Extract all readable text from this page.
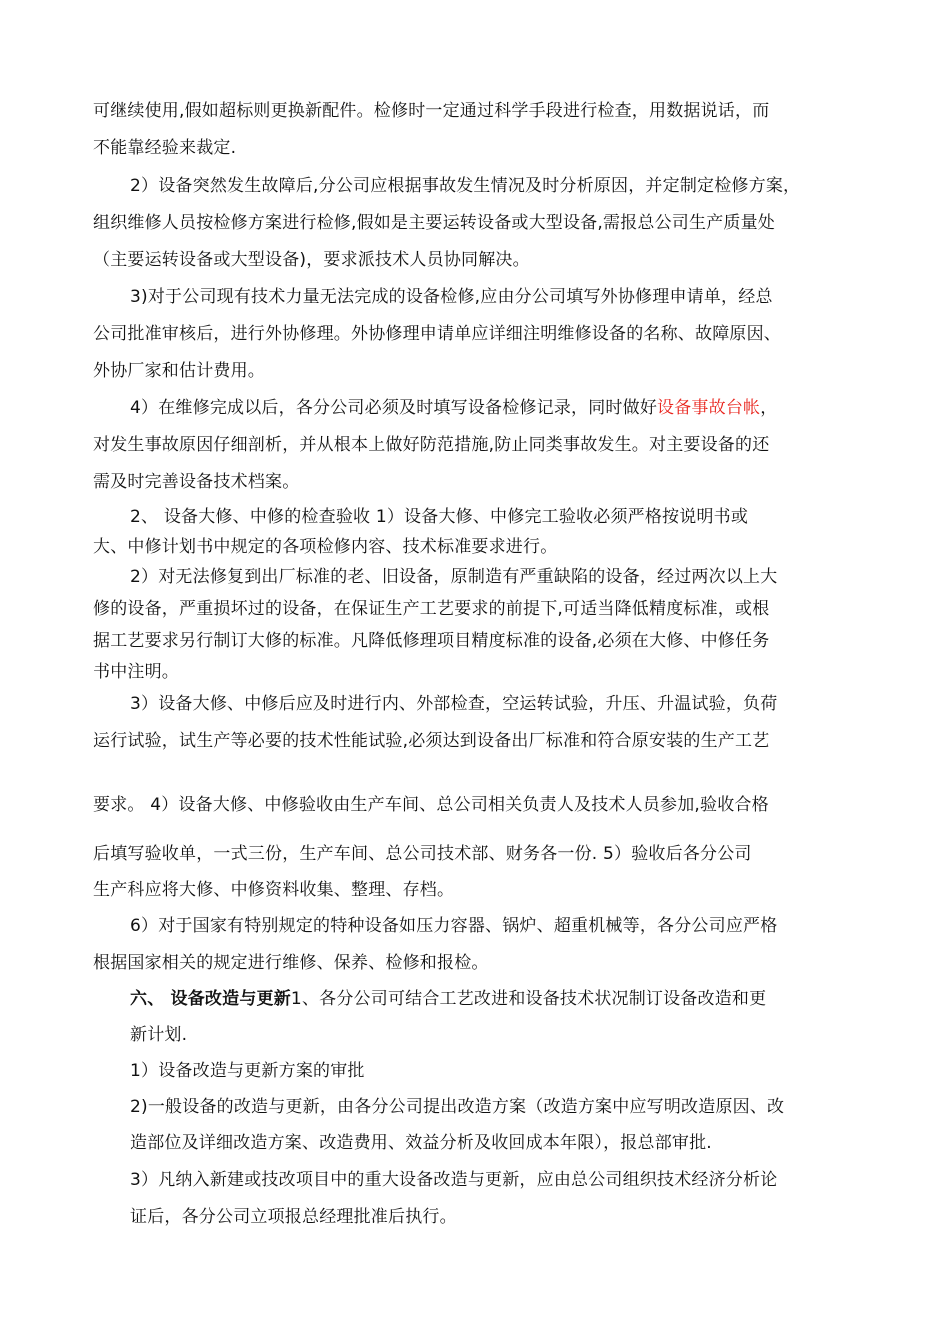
可继续使用,假如超标则更换新配件。检修时一定通过科学手段进行检查，用数据说话，而
不能靠经验来裁定.
2）设备突然发生故障后,分公司应根据事故发生情况及时分析原因，并定制定检修方案，
组织维修人员按检修方案进行检修,假如是主要运转设备或大型设备,需报总公司生产质量处
（主要运转设备或大型设备)，要求派技术人员协同解决。
3)对于公司现有技术力量无法完成的设备检修,应由分公司填写外协修理申请单，经总
公司批准审核后，进行外协修理。外协修理申请单应详细注明维修设备的名称、故障原因、
外协厂家和估计费用。
4）在维修完成以后，各分公司必须及时填写设备检修记录，同时做好设备事故台帐，
对发生事故原因仔细剖析，并从根本上做好防范措施,防止同类事故发生。对主要设备的还
需及时完善设备技术档案。
2、 设备大修、中修的检查验收 1）设备大修、中修完工验收必须严格按说明书或
大、中修计划书中规定的各项检修内容、技术标准要求进行。
2）对无法修复到出厂标准的老、旧设备，原制造有严重缺陷的设备，经过两次以上大
修的设备，严重损坏过的设备，在保证生产工艺要求的前提下,可适当降低精度标准，或根
据工艺要求另行制订大修的标准。凡降低修理项目精度标准的设备,必须在大修、中修任务
书中注明。
3）设备大修、中修后应及时进行内、外部检查，空运转试验，升压、升温试验，负荷
运行试验，试生产等必要的技术性能试验,必须达到设备出厂标准和符合原安装的生产工艺
要求。 4）设备大修、中修验收由生产车间、总公司相关负责人及技术人员参加,验收合格
后填写验收单，一式三份，生产车间、总公司技术部、财务各一份. 5）验收后各分公司
生产科应将大修、中修资料收集、整理、存档。
6）对于国家有特别规定的特种设备如压力容器、锅炉、超重机械等，各分公司应严格
根据国家相关的规定进行维修、保养、检修和报检。
六、 设备改造与更新1、各分公司可结合工艺改进和设备技术状况制订设备改造和更
新计划.
1）设备改造与更新方案的审批
2)一般设备的改造与更新，由各分公司提出改造方案（改造方案中应写明改造原因、改
造部位及详细改造方案、改造费用、效益分析及收回成本年限），报总部审批.
3）凡纳入新建或技改项目中的重大设备改造与更新，应由总公司组织技术经济分析论
证后，各分公司立项报总经理批准后执行。
